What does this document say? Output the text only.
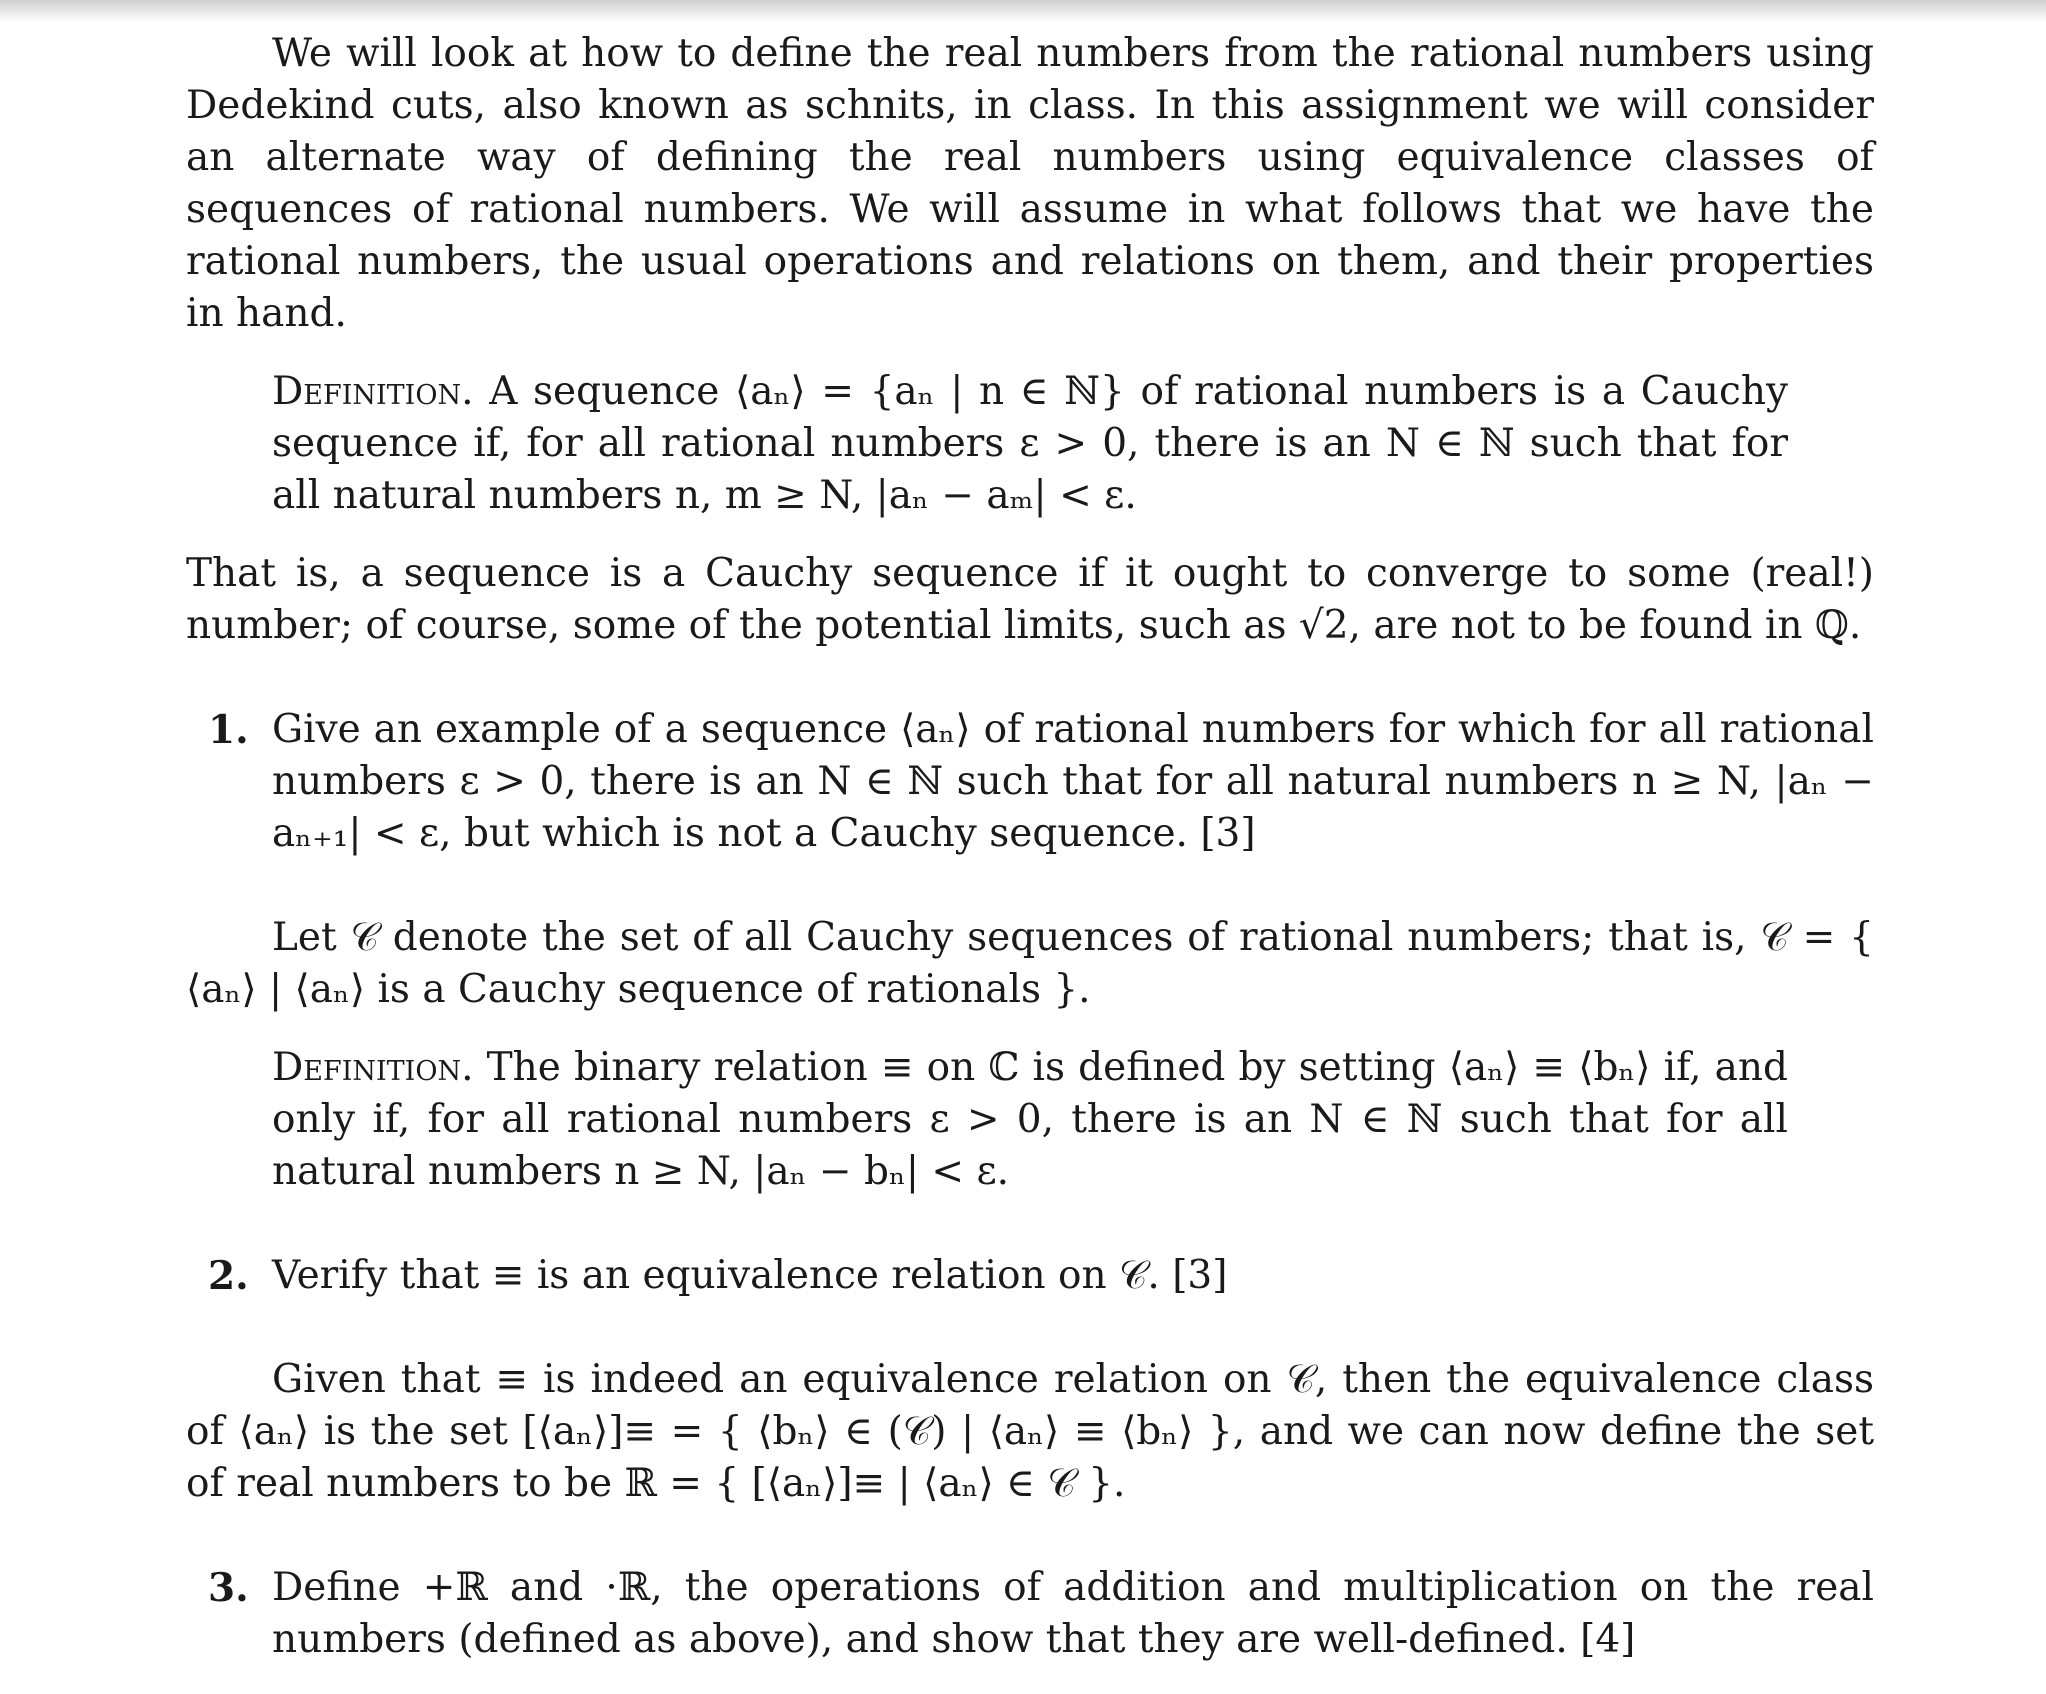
We will look at how to define the real numbers from the rational numbers using Dedekind cuts, also known as schnits, in class. In this assignment we will consider an alternate way of defining the real numbers using equivalence classes of sequences of rational numbers. We will assume in what follows that we have the rational numbers, the usual operations and relations on them, and their properties in hand.

Definition. A sequence ⟨aₙ⟩ = {aₙ | n ∈ ℕ} of rational numbers is a Cauchy sequence if, for all rational numbers ε > 0, there is an N ∈ ℕ such that for all natural numbers n, m ≥ N, |aₙ − aₘ| < ε.

That is, a sequence is a Cauchy sequence if it ought to converge to some (real!) number; of course, some of the potential limits, such as √2, are not to be found in ℚ.

1. Give an example of a sequence ⟨aₙ⟩ of rational numbers for which for all rational numbers ε > 0, there is an N ∈ ℕ such that for all natural numbers n ≥ N, |aₙ − aₙ₊₁| < ε, but which is not a Cauchy sequence. [3]

Let 𝒞 denote the set of all Cauchy sequences of rational numbers; that is, 𝒞 = { ⟨aₙ⟩ | ⟨aₙ⟩ is a Cauchy sequence of rationals }.

Definition. The binary relation ≡ on ℂ is defined by setting ⟨aₙ⟩ ≡ ⟨bₙ⟩ if, and only if, for all rational numbers ε > 0, there is an N ∈ ℕ such that for all natural numbers n ≥ N, |aₙ − bₙ| < ε.

2. Verify that ≡ is an equivalence relation on 𝒞. [3]

Given that ≡ is indeed an equivalence relation on 𝒞, then the equivalence class of ⟨aₙ⟩ is the set [⟨aₙ⟩]≡ = { ⟨bₙ⟩ ∈ (𝒞) | ⟨aₙ⟩ ≡ ⟨bₙ⟩ }, and we can now define the set of real numbers to be ℝ = { [⟨aₙ⟩]≡ | ⟨aₙ⟩ ∈ 𝒞 }.

3. Define +ℝ and ·ℝ, the operations of addition and multiplication on the real numbers (defined as above), and show that they are well-defined. [4]
